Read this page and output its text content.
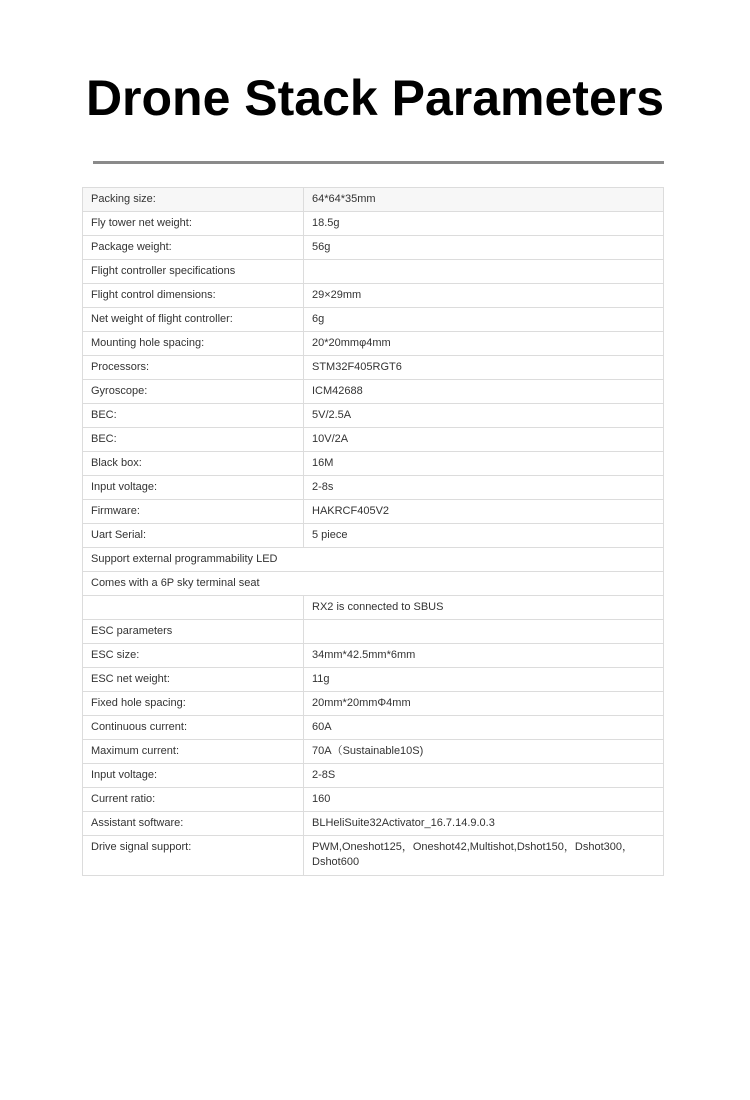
Drone Stack Parameters
Packing size:	64*64*35mm
Fly tower net weight:	18.5g
Package weight:	56g
Flight controller specifications	
Flight control dimensions:	29×29mm
Net weight of flight controller:	6g
Mounting hole spacing:	20*20mmφ4mm
Processors:	STM32F405RGT6
Gyroscope:	ICM42688
BEC:	5V/2.5A
BEC:	10V/2A
Black box:	16M
Input voltage:	2-8s
Firmware:	HAKRCF405V2
Uart Serial:	5 piece
Support external programmability LED	
Comes with a 6P sky terminal seat	
	RX2 is connected to SBUS
ESC parameters	
ESC size:	34mm*42.5mm*6mm
ESC net weight:	11g
Fixed hole spacing:	20mm*20mmΦ4mm
Continuous current:	60A
Maximum current:	70A（Sustainable10S)
Input voltage:	2-8S
Current ratio:	160
Assistant software:	BLHeliSuite32Activator_16.7.14.9.0.3
Drive signal support:	PWM,Oneshot125，Oneshot42,Multishot,Dshot150，Dshot300，Dshot600
